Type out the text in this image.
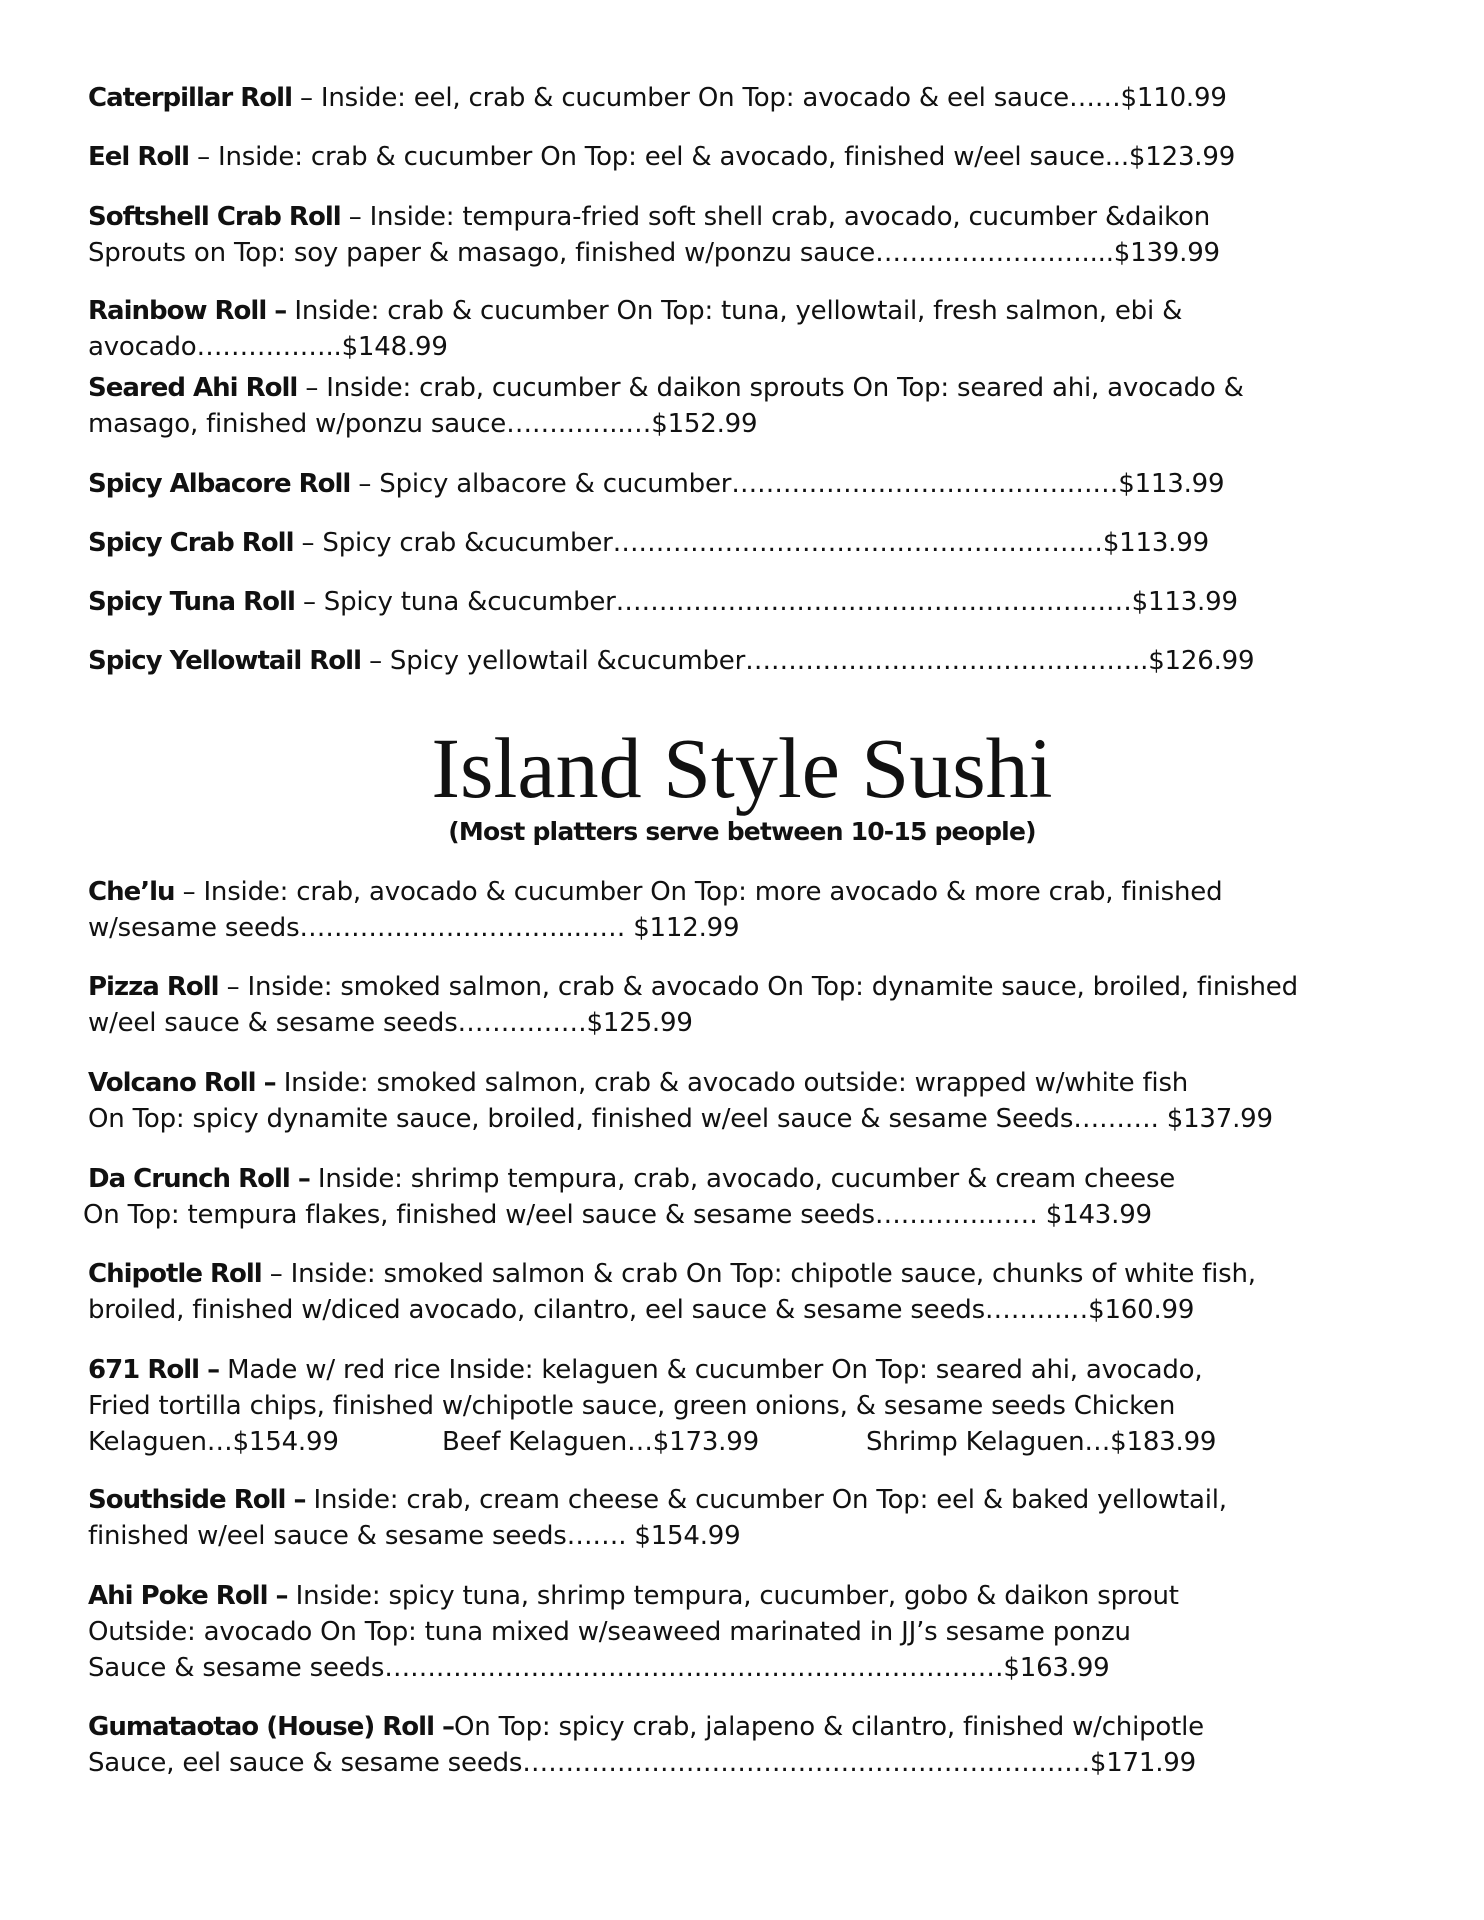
Caterpillar Roll – Inside: eel, crab & cucumber On Top: avocado & eel sauce……$110.99
Eel Roll – Inside: crab & cucumber On Top: eel & avocado, finished w/eel sauce...$123.99
Softshell Crab Roll – Inside: tempura-fried soft shell crab, avocado, cucumber &daikon
Sprouts on Top: soy paper & masago, finished w/ponzu sauce……………………....$139.99
Rainbow Roll – Inside: crab & cucumber On Top: tuna, yellowtail, fresh salmon, ebi &
avocado……………..$148.99
Seared Ahi Roll – Inside: crab, cucumber & daikon sprouts On Top: seared ahi, avocado &
masago, finished w/ponzu sauce…………..…$152.99
Spicy Albacore Roll – Spicy albacore & cucumber………………………………………$113.99
Spicy Crab Roll – Spicy crab &cucumber…………………………………………………$113.99
Spicy Tuna Roll – Spicy tuna &cucumber……………………………………………………$113.99
Spicy Yellowtail Roll – Spicy yellowtail &cucumber………………………………………..$126.99
Island Style Sushi
(Most platters serve between 10-15 people)
Che’lu – Inside: crab, avocado & cucumber On Top: more avocado & more crab, finished
w/sesame seeds…………………………..…… $112.99
Pizza Roll – Inside: smoked salmon, crab & avocado On Top: dynamite sauce, broiled, finished
w/eel sauce & sesame seeds……………$125.99
Volcano Roll – Inside: smoked salmon, crab & avocado outside: wrapped w/white fish
On Top: spicy dynamite sauce, broiled, finished w/eel sauce & sesame Seeds………. $137.99
Da Crunch Roll – Inside: shrimp tempura, crab, avocado, cucumber & cream cheese
On Top: tempura flakes, finished w/eel sauce & sesame seeds………….…… $143.99
Chipotle Roll – Inside: smoked salmon & crab On Top: chipotle sauce, chunks of white fish,
broiled, finished w/diced avocado, cilantro, eel sauce & sesame seeds…………$160.99
671 Roll – Made w/ red rice Inside: kelaguen & cucumber On Top: seared ahi, avocado,
Fried tortilla chips, finished w/chipotle sauce, green onions, & sesame seeds Chicken
Kelaguen…$154.99	Beef Kelaguen…$173.99	Shrimp Kelaguen…$183.99
Southside Roll – Inside: crab, cream cheese & cucumber On Top: eel & baked yellowtail,
finished w/eel sauce & sesame seeds……. $154.99
Ahi Poke Roll – Inside: spicy tuna, shrimp tempura, cucumber, gobo & daikon sprout
Outside: avocado On Top: tuna mixed w/seaweed marinated in JJ’s sesame ponzu
Sauce & sesame seeds………………………………………………………………$163.99
Gumataotao (House) Roll –On Top: spicy crab, jalapeno & cilantro, finished w/chipotle
Sauce, eel sauce & sesame seeds…………………………………………………………$171.99
